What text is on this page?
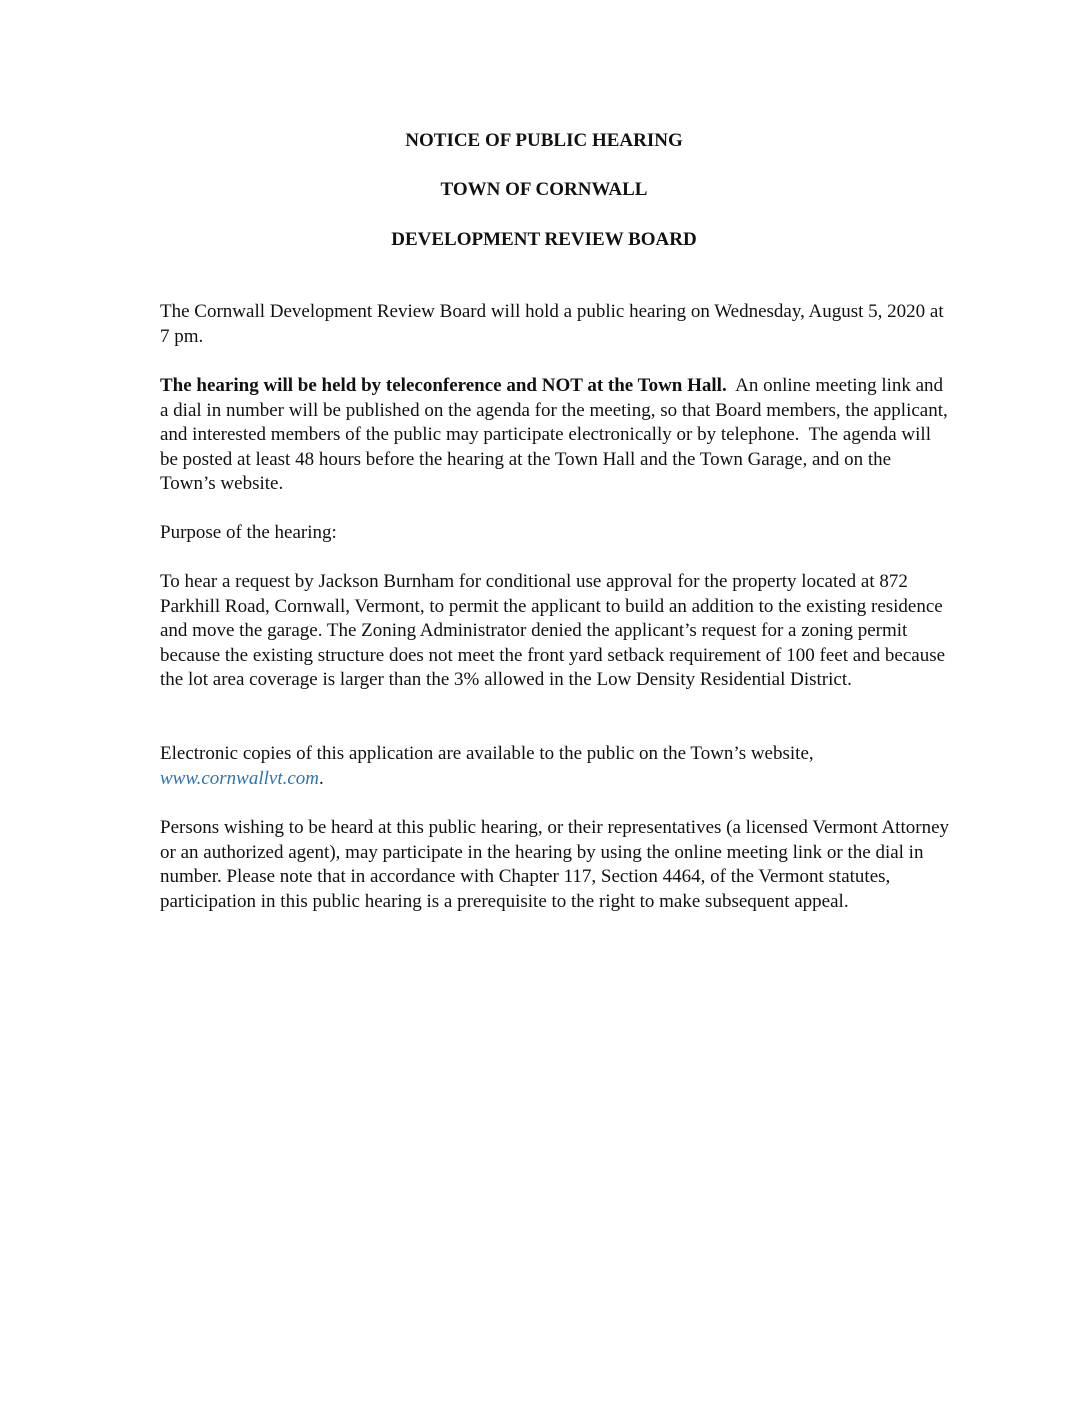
NOTICE OF PUBLIC HEARING
TOWN OF CORNWALL
DEVELOPMENT REVIEW BOARD

The Cornwall Development Review Board will hold a public hearing on Wednesday, August 5, 2020 at 7 pm.

The hearing will be held by teleconference and NOT at the Town Hall.  An online meeting link and a dial in number will be published on the agenda for the meeting, so that Board members, the applicant, and interested members of the public may participate electronically or by telephone.  The agenda will be posted at least 48 hours before the hearing at the Town Hall and the Town Garage, and on the Town’s website.

Purpose of the hearing:

To hear a request by Jackson Burnham for conditional use approval for the property located at 872 Parkhill Road, Cornwall, Vermont, to permit the applicant to build an addition to the existing residence and move the garage. The Zoning Administrator denied the applicant’s request for a zoning permit because the existing structure does not meet the front yard setback requirement of 100 feet and because the lot area coverage is larger than the 3% allowed in the Low Density Residential District.

Electronic copies of this application are available to the public on the Town’s website, www.cornwallvt.com.

Persons wishing to be heard at this public hearing, or their representatives (a licensed Vermont Attorney or an authorized agent), may participate in the hearing by using the online meeting link or the dial in number. Please note that in accordance with Chapter 117, Section 4464, of the Vermont statutes, participation in this public hearing is a prerequisite to the right to make subsequent appeal.
